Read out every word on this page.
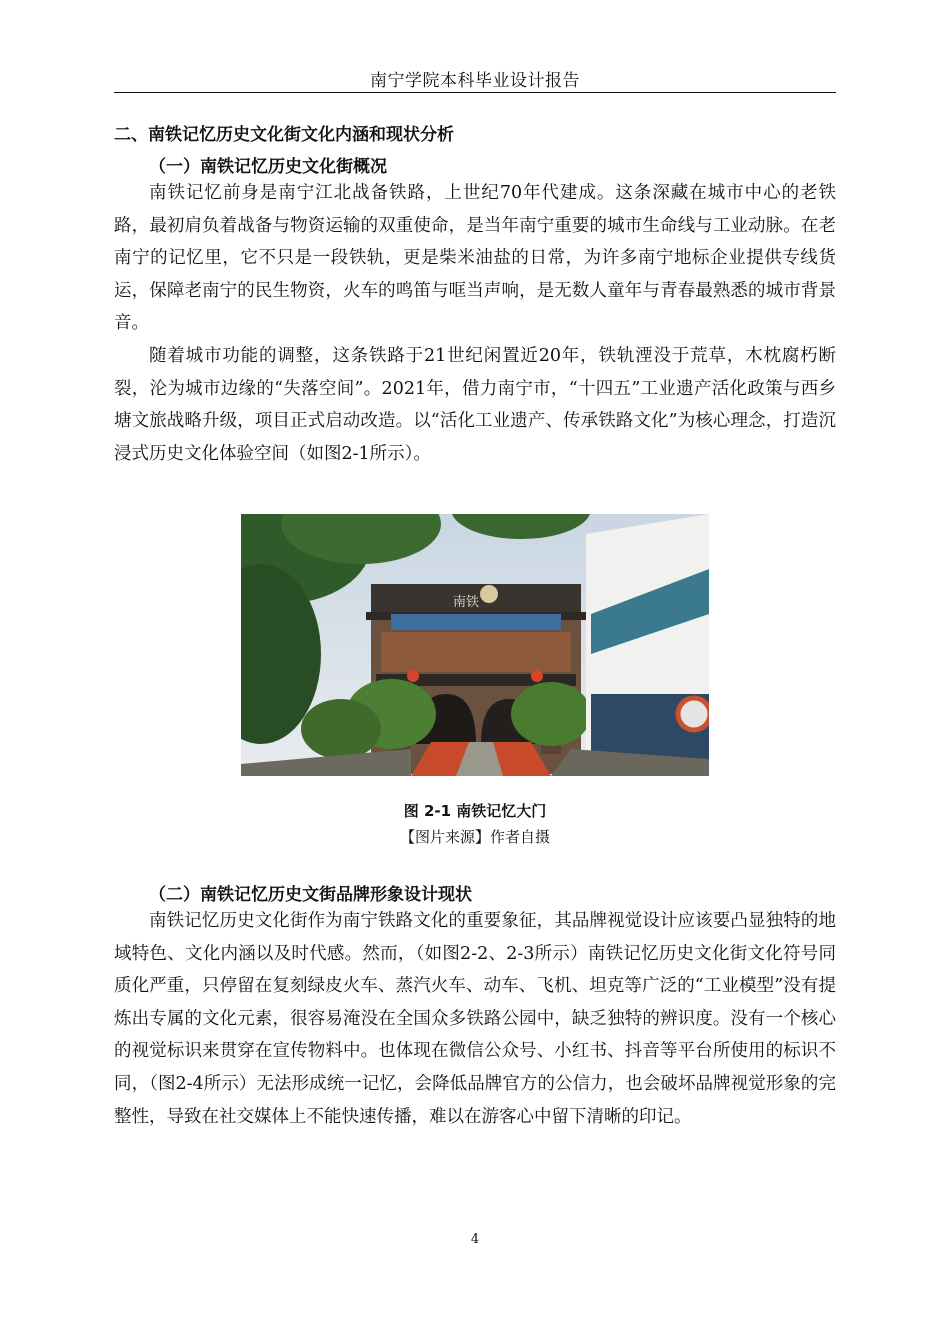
南宁学院本科毕业设计报告
二、南铁记忆历史文化街文化内涵和现状分析
（一）南铁记忆历史文化街概况

南铁记忆前身是南宁江北战备铁路，上世纪70年代建成。这条深藏在城市中心的老铁路，最初肩负着战备与物资运输的双重使命，是当年南宁重要的城市生命线与工业动脉。在老南宁的记忆里，它不只是一段铁轨，更是柴米油盐的日常，为许多南宁地标企业提供专线货运，保障老南宁的民生物资，火车的鸣笛与哐当声响，是无数人童年与青春最熟悉的城市背景音。

随着城市功能的调整，这条铁路于21世纪闲置近20年，铁轨湮没于荒草，木枕腐朽断裂，沦为城市边缘的“失落空间”。2021年，借力南宁市，“十四五”工业遗产活化政策与西乡塘文旅战略升级，项目正式启动改造。以“活化工业遗产、传承铁路文化”为核心理念，打造沉浸式历史文化体验空间（如图2-1所示）。

南铁
图 2-1 南铁记忆大门
【图片来源】作者自摄
（二）南铁记忆历史文街品牌形象设计现状

南铁记忆历史文化街作为南宁铁路文化的重要象征，其品牌视觉设计应该要凸显独特的地域特色、文化内涵以及时代感。然而，（如图2-2、2-3所示）南铁记忆历史文化街文化符号同质化严重，只停留在复刻绿皮火车、蒸汽火车、动车、飞机、坦克等广泛的“工业模型”没有提炼出专属的文化元素，很容易淹没在全国众多铁路公园中，缺乏独特的辨识度。没有一个核心的视觉标识来贯穿在宣传物料中。也体现在微信公众号、小红书、抖音等平台所使用的标识不同，（图2-4所示）无法形成统一记忆，会降低品牌官方的公信力，也会破坏品牌视觉形象的完整性，导致在社交媒体上不能快速传播，难以在游客心中留下清晰的印记。

4
